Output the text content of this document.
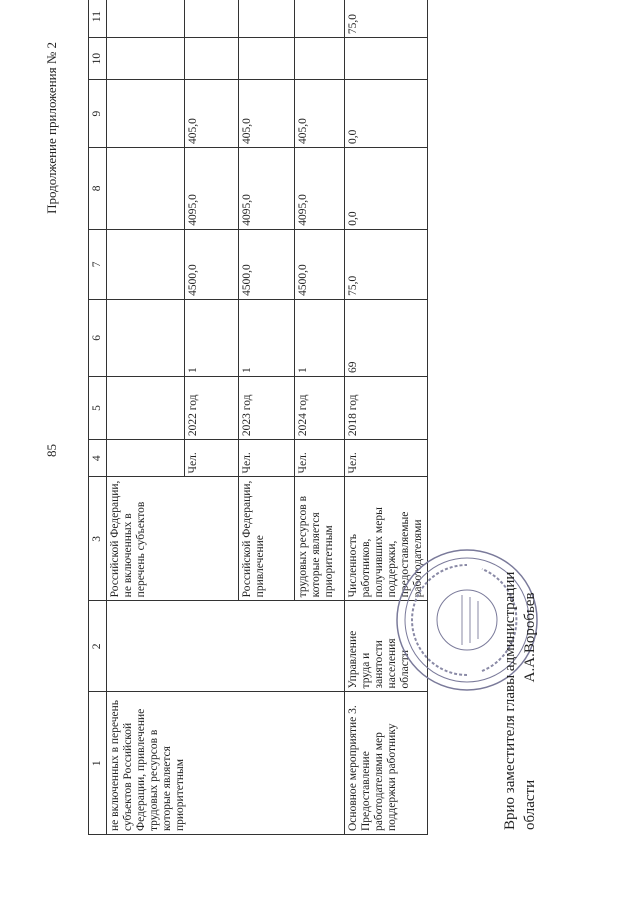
85
Продолжение приложения № 2
1	2	3	4	5	6	7	8	9	10	11
не включенных в перечень субъектов Российской Федерации, привлечение трудовых ресурсов в которые является приоритетным		Российской Федерации, не включенных в перечень субъектов								
			Чел.	2022 год	1	4500,0	4095,0	405,0		
		Российской Федерации, привлечение	Чел.	2023 год	1	4500,0	4095,0	405,0		
		трудовых ресурсов в которые является приоритетным	Чел.	2024 год	1	4500,0	4095,0	405,0		
Основное мероприятие 3. Предоставление работодателями мер поддержки работнику	Управление труда и занятости населения области	Численность работников, получивших меры поддержки, предоставляемые работодателями	Чел.	2018 год	69	75,0	0,0	0,0		75,0
Врио заместителя главы администрации области  А.А.Воробьев
